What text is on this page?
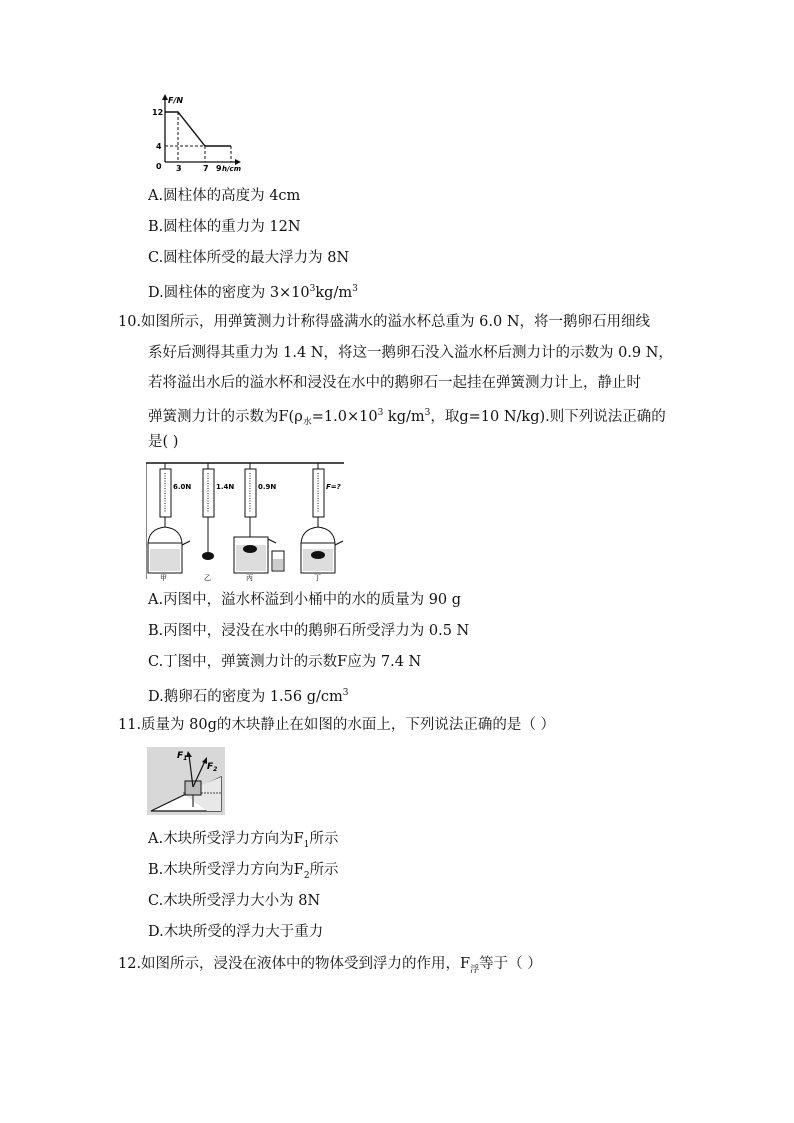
F/N
12
4
0 3	7 9 h/cm
A.圆柱体的高度为 4cm
B.圆柱体的重力为 12N
C.圆柱体所受的最大浮力为 8N
D.圆柱体的密度为 $3\times 10^3kg/m^3$
10.如图所示，用弹簧测力计称得盛满水的溢水杯总重为 6.0 N，将一鹅卵石用细线
系好后测得其重力为 1.4 N，将这一鹅卵石没入溢水杯后测力计的示数为 0.9 N，
若将溢出水后的溢水杯和浸没在水中的鹅卵石一起挂在弹簧测力计上，静止时
弹簧测力计的示数为$F(\rho_水=1.0\times 10^3$ $kg/m^3$，取g=10 N/kg).则下列说法正确的
是( )
6.0N	1.4N	0.9N	F=?
甲	乙	丙	丁
A.丙图中，溢水杯溢到小桶中的水的质量为 90 g
B.丙图中，浸没在水中的鹅卵石所受浮力为 0.5 N
C.丁图中，弹簧测力计的示数F应为 7.4 N
D.鹅卵石的密度为 1.56 $g/cm^3$
11.质量为 80g的木块静止在如图的水面上，下列说法正确的是（ ）
$F_1$
$F_2$
A.木块所受浮力方向为$F_1$所示
B.木块所受浮力方向为$F_2$所示
C.木块所受浮力大小为 8N
D.木块所受的浮力大于重力
12.如图所示，浸没在液体中的物体受到浮力的作用，$F_浮$等于（ ）
